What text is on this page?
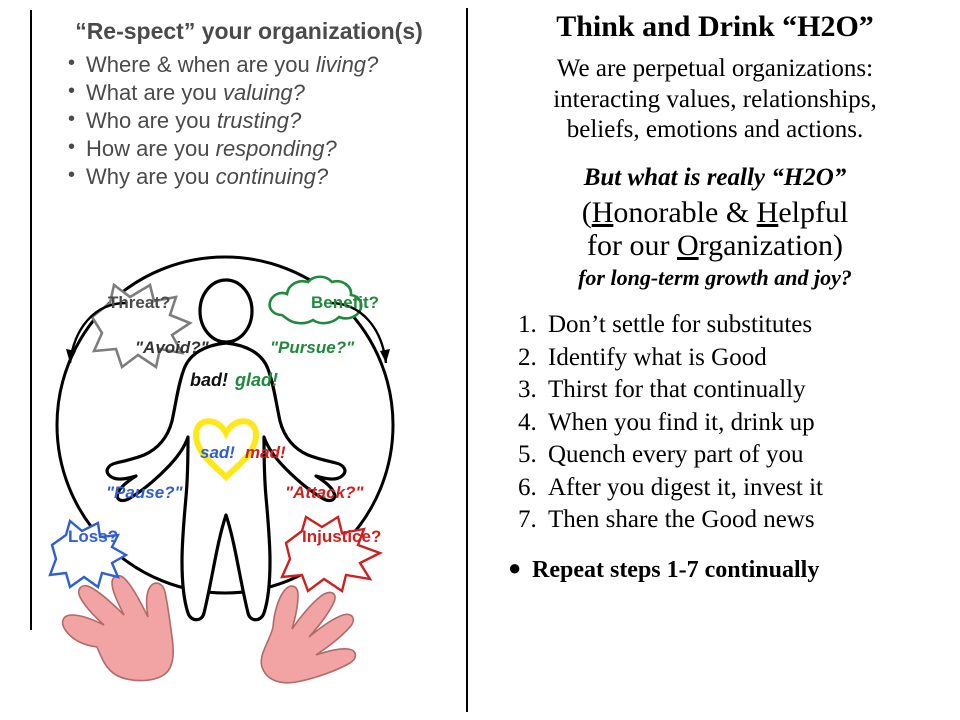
“Re-spect” your organization(s)
• Where & when are you living?
• What are you valuing?
• Who are you trusting?
• How are you responding?
• Why are you continuing?
Threat?	Benefit?
"Avoid?"	"Pursue?"
bad! glad!
sad! mad!
"Pause?"	"Attack?"
Loss?	Injustice?
Think and Drink “H2O”
We are perpetual organizations:
interacting values, relationships,
beliefs, emotions and actions.
But what is really “H2O”
(Honorable & Helpful
for our Organization)
for long-term growth and joy?
1. Don’t settle for substitutes
2. Identify what is Good
3. Thirst for that continually
4. When you find it, drink up
5. Quench every part of you
6. After you digest it, invest it
7. Then share the Good news
● Repeat steps 1-7 continually
